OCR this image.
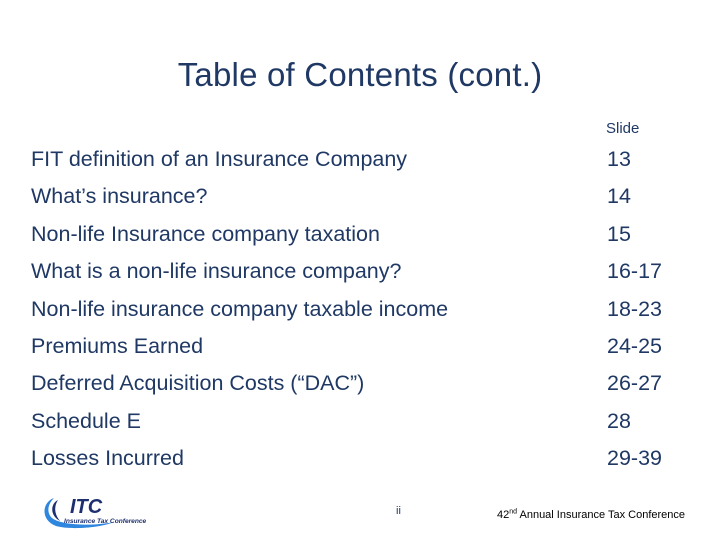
Table of Contents (cont.)
Slide
FIT definition of an Insurance Company	13
What’s insurance?	14
Non-life Insurance company taxation	15
What is a non-life insurance company?	16-17
Non-life insurance company taxable income	18-23
Premiums Earned	24-25
Deferred Acquisition Costs (“DAC”)	26-27
Schedule E	28
Losses Incurred	29-39
ITC
Insurance Tax Conference
ii	42nd Annual Insurance Tax Conference
